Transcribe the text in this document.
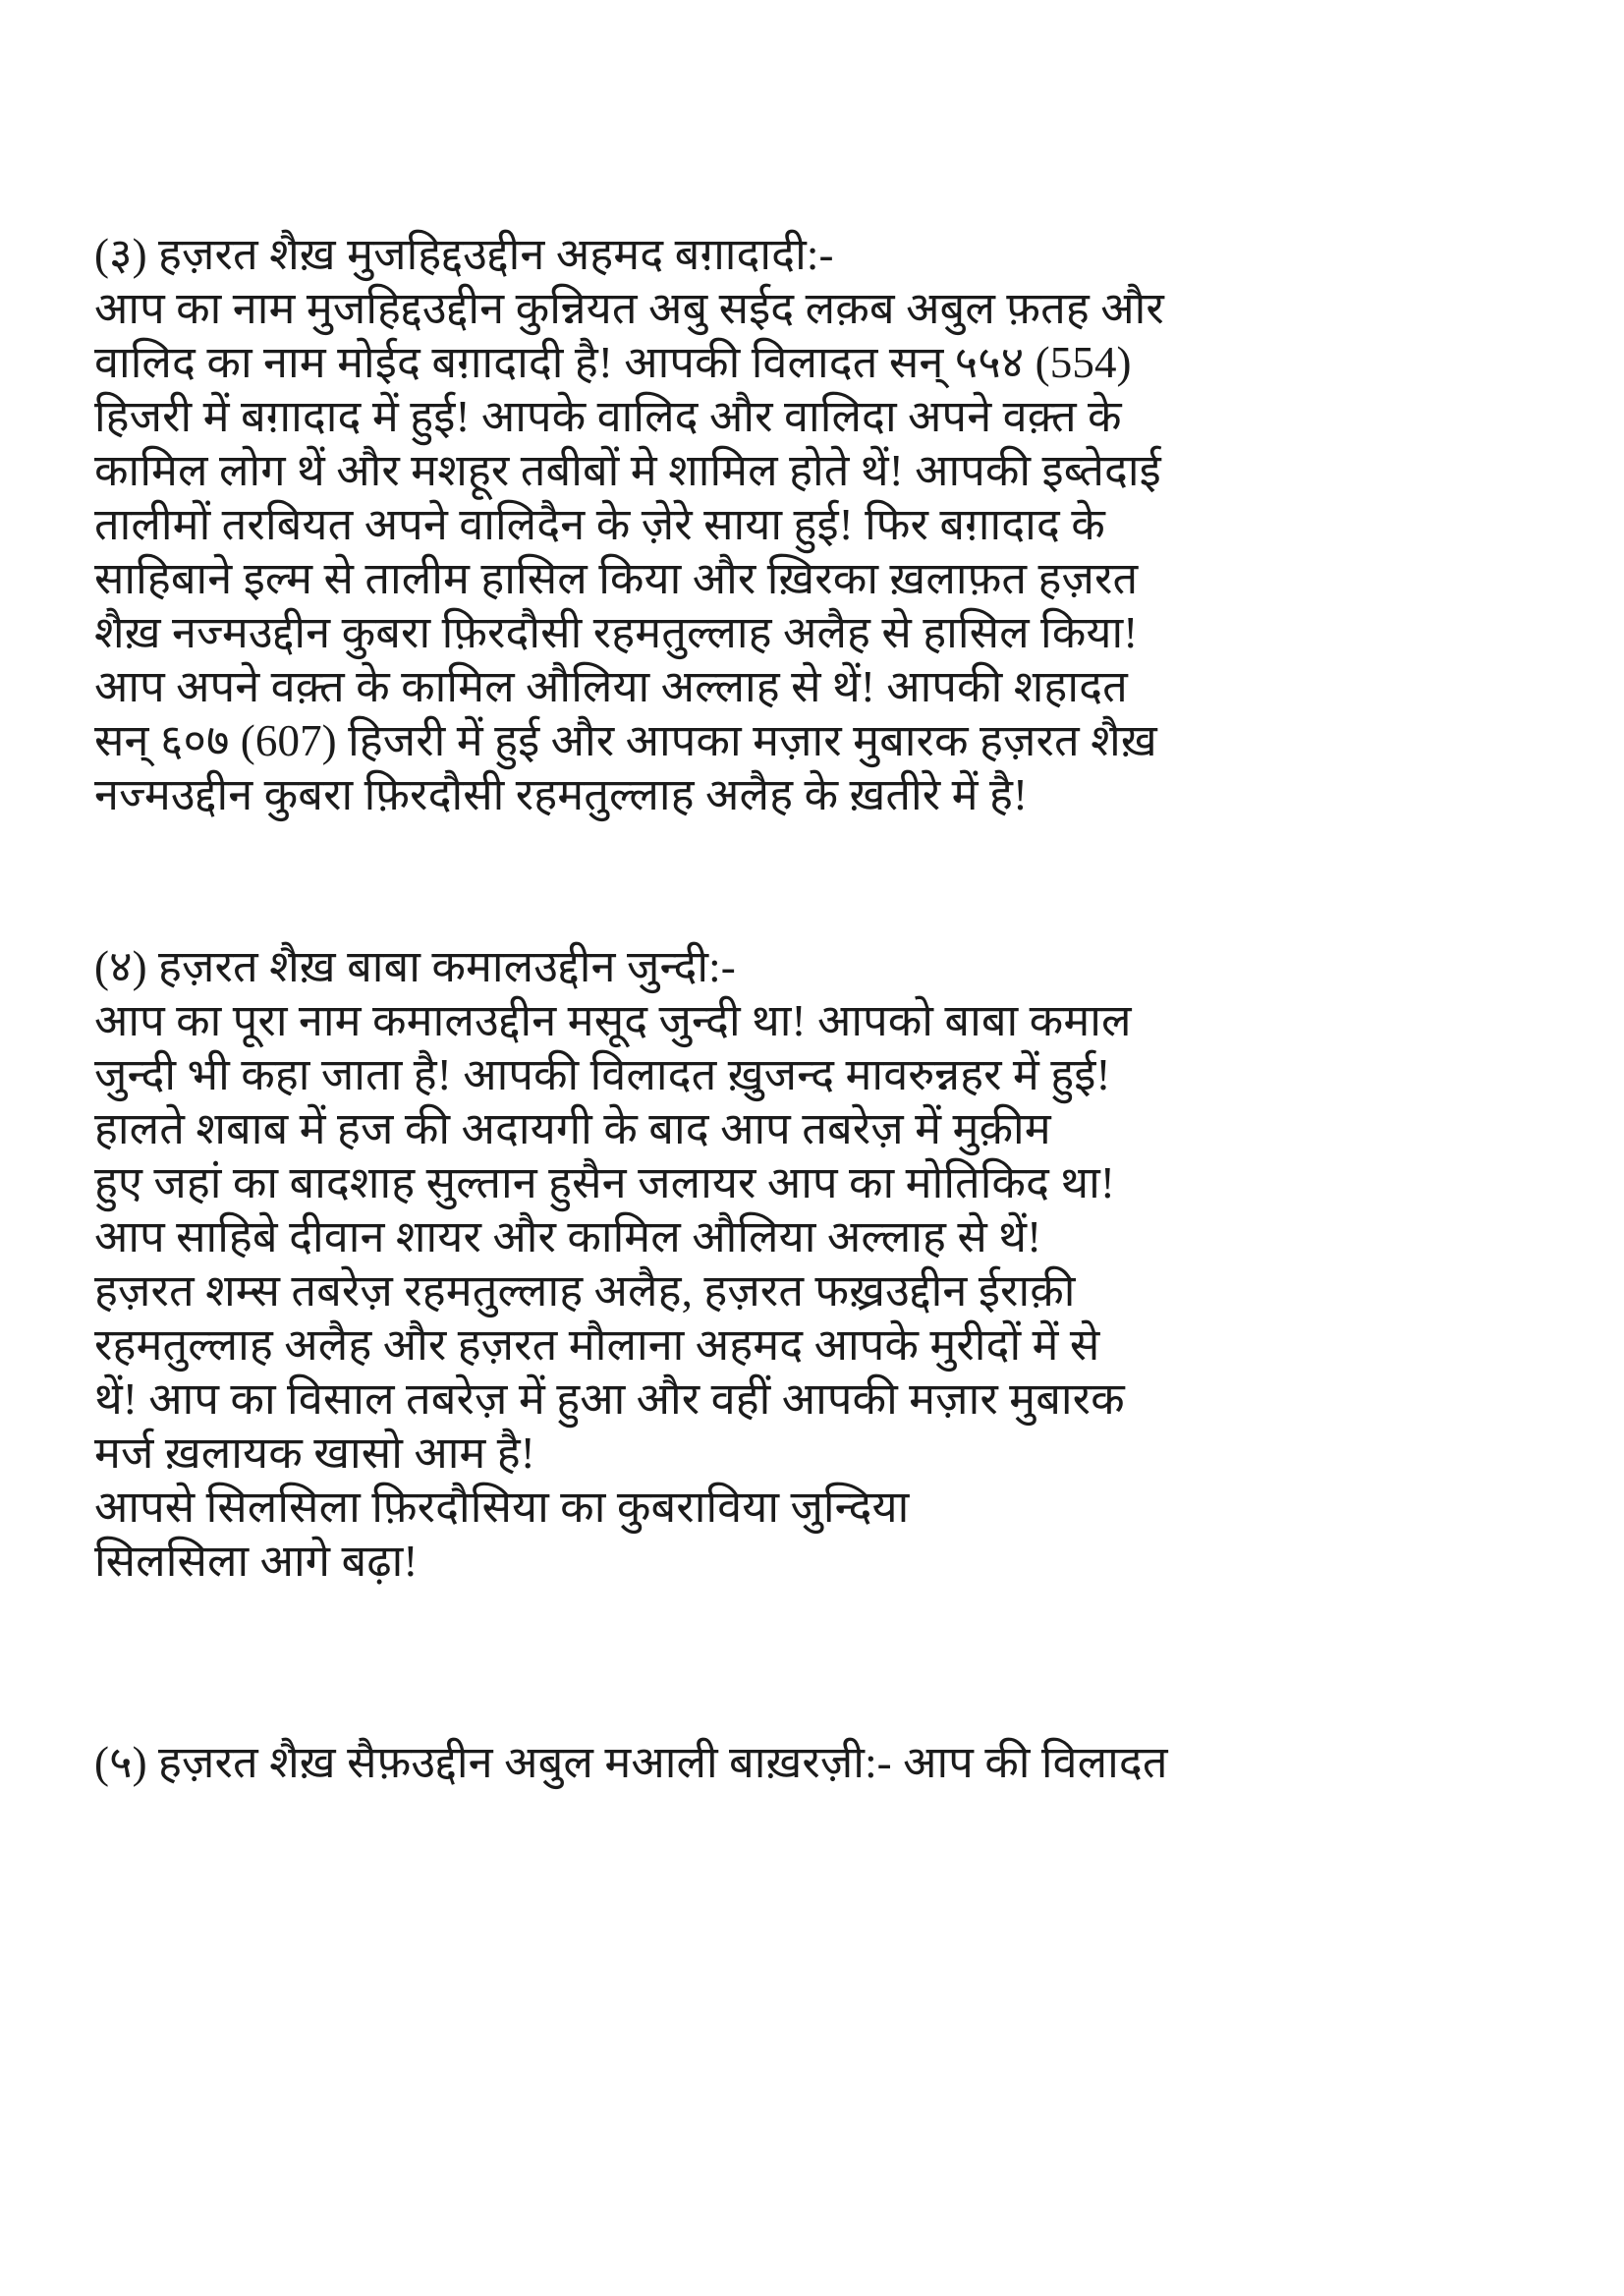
(३) हज़रत शैख़ मुजहिद्दउद्दीन अहमद बग़ादादी:-
आप का नाम मुजहिद्दउद्दीन कुन्नियत अबु सईद लक़ब अबुल फ़तह और
वालिद का नाम मोईद बग़ादादी है! आपकी विलादत सन् ५५४ (554)
हिजरी में बग़ादाद में हुई! आपके वालिद और वालिदा अपने वक़्त के
कामिल लोग थें और मशहूर तबीबों मे शामिल होते थें! आपकी इब्तेदाई
तालीमों तरबियत अपने वालिदैन के ज़ेरे साया हुई! फिर बग़ादाद के
साहिबाने इल्म से तालीम हासिल किया और ख़िरका ख़लाफ़त हज़रत
शैख़ नज्मउद्दीन कुबरा फ़िरदौसी रहमतुल्लाह अलैह से हासिल किया!
आप अपने वक़्त के कामिल औलिया अल्लाह से थें! आपकी शहादत
सन् ६०७ (607) हिजरी में हुई और आपका मज़ार मुबारक हज़रत शैख़
नज्मउद्दीन कुबरा फ़िरदौसी रहमतुल्लाह अलैह के ख़तीरे में है!
(४) हज़रत शैख़ बाबा कमालउद्दीन जुन्दी:-
आप का पूरा नाम कमालउद्दीन मसूद जुन्दी था! आपको बाबा कमाल
जुन्दी भी कहा जाता है! आपकी विलादत ख़ुजन्द मावरुन्नहर में हुई!
हालते शबाब में हज की अदायगी के बाद आप तबरेज़ में मुक़ीम
हुए जहां का बादशाह सुल्तान हुसैन जलायर आप का मोतिकिद था!
आप साहिबे दीवान शायर और कामिल औलिया अल्लाह से थें!
हज़रत शम्स तबरेज़ रहमतुल्लाह अलैह, हज़रत फख़्रउद्दीन ईराक़ी
रहमतुल्लाह अलैह और हज़रत मौलाना अहमद आपके मुरीदों में से
थें! आप का विसाल तबरेज़ में हुआ और वहीं आपकी मज़ार मुबारक
मर्ज ख़लायक खासो आम है!
आपसे सिलसिला फ़िरदौसिया का कुबराविया जुन्दिया
सिलसिला आगे बढ़ा!
(५) हज़रत शैख़ सैफ़उद्दीन अबुल मआली बाख़रज़ी:- आप की विलादत
